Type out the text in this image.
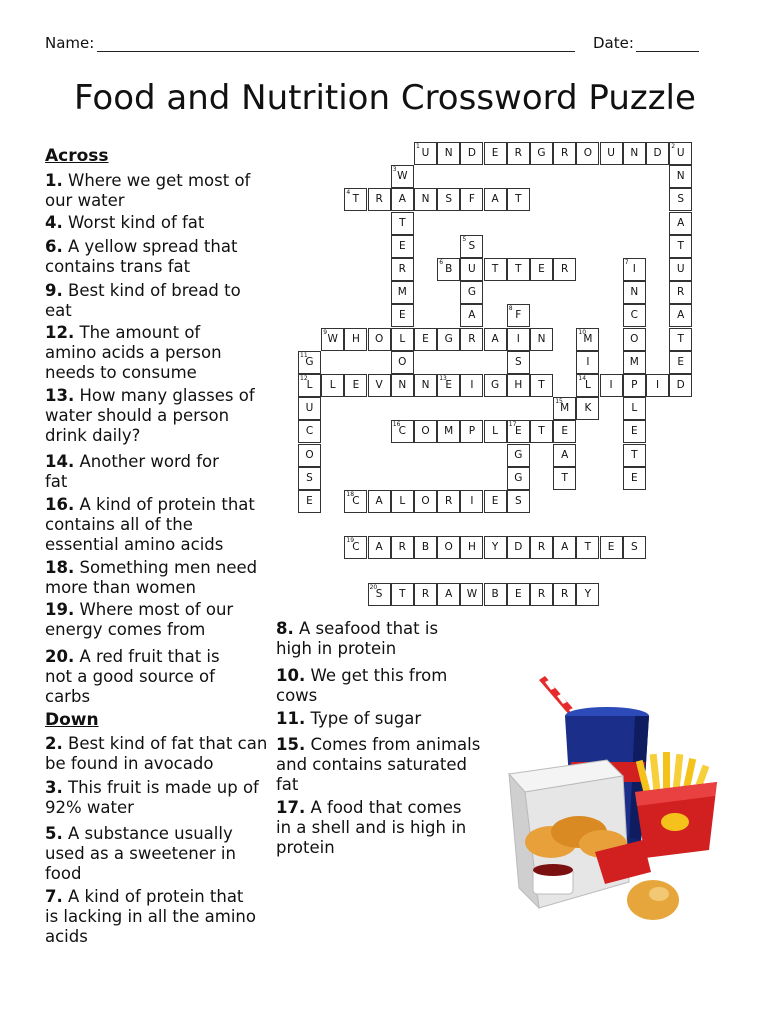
Name:	Date:
Food and Nutrition Crossword Puzzle
1
U	N	D	E	R	G	R	O	U	N	D
2
U
N
S
A
T
U
R
A
T
E
D
3
W
A
T
E
R
M
E
L
O
N
4
T	R	N	S	F	A	T
5
S
U
G
A
R
6
B	T	T	E	R
7
I
N
C
O
M
P
L
E
T
E
8
F
I
S
H
9
W	H	O	E	G	A	N
10
M
I
14
L
K
11
G
12
L
U
C
O
S
E
L	E	V	N
13
E	I	G	T	I	I
15
M
E
A
T
16
C	O	M	P	L
17
E	T
G
G
S
18
C	A	L	O	R	I	E
19
C	A	R	B	O	H	Y	D	R	A	T	E	S
20
S	T	R	A	W	B	E	R	R	Y
Across
1. Where we get most of our water
4. Worst kind of fat
6. A yellow spread that contains trans fat
9. Best kind of bread to eat
12. The amount of amino acids a person needs to consume
13. How many glasses of water should a person drink daily?
14. Another word for fat
16. A kind of protein that contains all of the essential amino acids
18. Something men need more than women
19. Where most of our energy comes from
20. A red fruit that is not a good source of carbs
Down
2. Best kind of fat that can be found in avocado
3. This fruit is made up of 92% water
5. A substance usually used as a sweetener in food
7. A kind of protein that is lacking in all the amino acids
8. A seafood that is high in protein
10. We get this from cows
11. Type of sugar
15. Comes from animals and contains saturated fat
17. A food that comes in a shell and is high in protein
